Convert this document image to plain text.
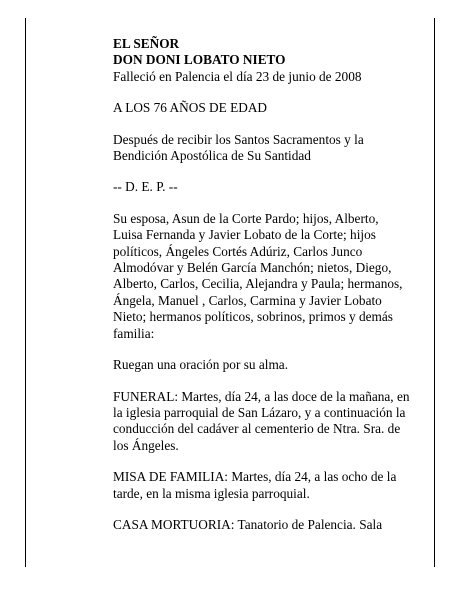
EL SEÑOR
DON DONI LOBATO NIETO
Falleció en Palencia el día 23 de junio de 2008

A LOS 76 AÑOS DE EDAD

Después de recibir los Santos Sacramentos y la
Bendición Apostólica de Su Santidad

-- D. E. P. --

Su esposa, Asun de la Corte Pardo; hijos, Alberto,
Luisa Fernanda y Javier Lobato de la Corte; hijos
políticos, Ángeles Cortés Adúriz, Carlos Junco
Almodóvar y Belén García Manchón; nietos, Diego,
Alberto, Carlos, Cecilia, Alejandra y Paula; hermanos,
Ángela, Manuel , Carlos, Carmina y Javier Lobato
Nieto; hermanos políticos, sobrinos, primos y demás
familia:

Ruegan una oración por su alma.

FUNERAL: Martes, día 24, a las doce de la mañana, en
la iglesia parroquial de San Lázaro, y a continuación la
conducción del cadáver al cementerio de Ntra. Sra. de
los Ángeles.

MISA DE FAMILIA: Martes, día 24, a las ocho de la
tarde, en la misma iglesia parroquial.

CASA MORTUORIA: Tanatorio de Palencia. Sala
